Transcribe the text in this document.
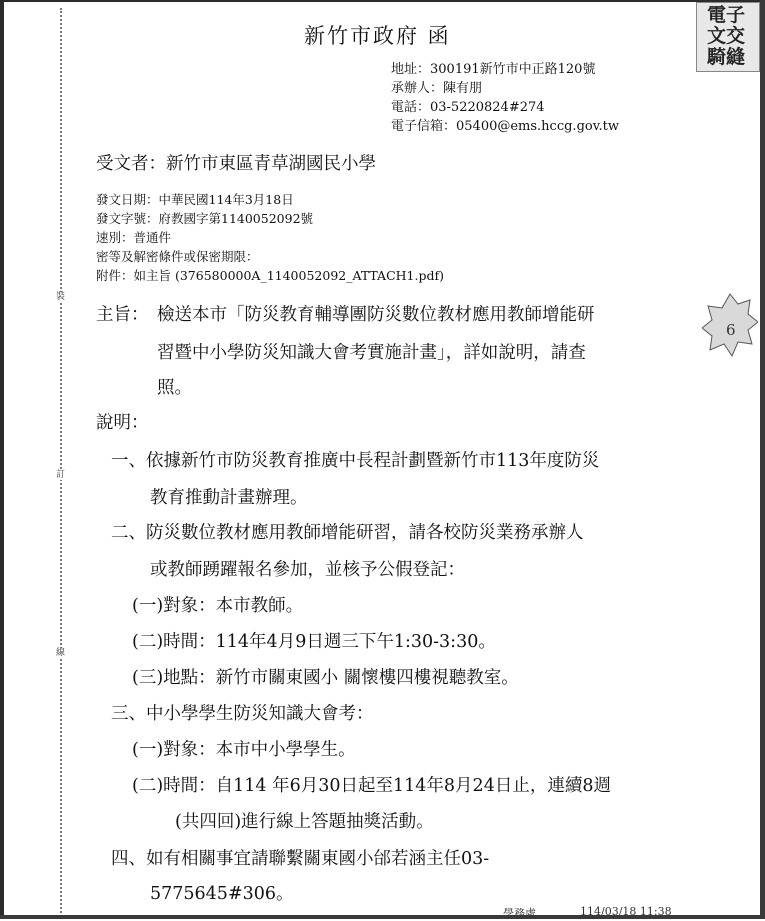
裝
訂
線
電子
文交
騎縫
6
新竹市政府 函
地址：300191新竹市中正路120號
承辦人：陳有朋
電話：03-5220824#274
電子信箱：05400@ems.hccg.gov.tw
受文者：新竹市東區青草湖國民小學
發文日期：中華民國114年3月18日
發文字號：府教國字第1140052092號
速別：普通件
密等及解密條件或保密期限：
附件：如主旨 (376580000A_1140052092_ATTACH1.pdf)
主旨： 檢送本市「防災教育輔導團防災數位教材應用教師增能研
習暨中小學防災知識大會考實施計畫」，詳如說明，請查
照。
說明：
一、依據新竹市防災教育推廣中長程計劃暨新竹市113年度防災
教育推動計畫辦理。
二、防災數位教材應用教師增能研習，請各校防災業務承辦人
或教師踴躍報名參加，並核予公假登記：
(一)對象：本市教師。
(二)時間：114年4月9日週三下午1:30-3:30。
(三)地點：新竹市關東國小 關懷樓四樓視聽教室。
三、中小學學生防災知識大會考：
(一)對象：本市中小學學生。
(二)時間：自114 年6月30日起至114年8月24日止，連續8週
(共四回)進行線上答題抽獎活動。
四、如有相關事宜請聯繫關東國小邰若涵主任03-
5775645#306。
學務處	114/03/18 11:38
